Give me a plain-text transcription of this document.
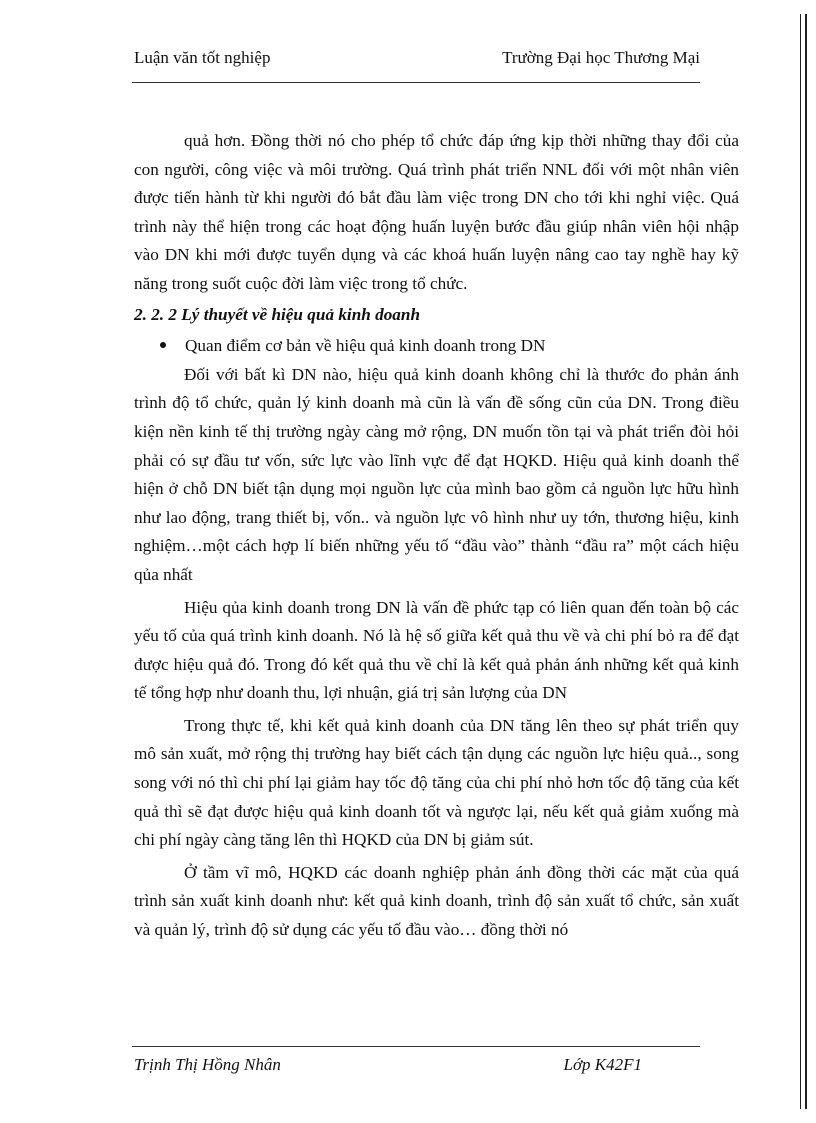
Luận văn tốt nghiệp	Trường Đại học Thương Mại

quả hơn. Đồng thời nó cho phép tổ chức đáp ứng kịp thời những thay đổi của con người, công việc và môi trường. Quá trình phát triển NNL đối với một nhân viên được tiến hành từ khi người đó bắt đầu làm việc trong DN cho tới khi nghỉ việc. Quá trình này thể hiện trong các hoạt động huấn luyện bước đầu giúp nhân viên hội nhập vào DN khi mới được tuyển dụng và các khoá huấn luyện nâng cao tay nghề hay kỹ năng trong suốt cuộc đời làm việc trong tổ chức.

2. 2. 2 Lý thuyết về hiệu quả kinh doanh
Quan điểm cơ bản về hiệu quả kinh doanh trong DN

Đối với bất kì DN nào, hiệu quả kinh doanh không chỉ là thước đo phản ánh trình độ tổ chức, quản lý kinh doanh mà cũn là vấn đề sống cũn của DN. Trong điều kiện nền kinh tế thị trường ngày càng mở rộng, DN muốn tồn tại và phát triển đòi hỏi phải có sự đầu tư vốn, sức lực vào lĩnh vực để đạt HQKD. Hiệu quả kinh doanh thể hiện ở chỗ DN biết tận dụng mọi nguồn lực của mình bao gồm cả nguồn lực hữu hình như lao động, trang thiết bị, vốn.. và nguồn lực vô hình như uy tớn, thương hiệu, kinh nghiệm…một cách hợp lí biến những yếu tố “đầu vào” thành “đầu ra” một cách hiệu qủa nhất

Hiệu qủa kinh doanh trong DN là vấn đề phức tạp có liên quan đến toàn bộ các yếu tố của quá trình kinh doanh. Nó là hệ số giữa kết quả thu về và chi phí bỏ ra để đạt được hiệu quả đó. Trong đó kết quả thu về chỉ là kết quả phản ánh những kết quả kinh tế tổng hợp như doanh thu, lợi nhuận, giá trị sản lượng của DN

Trong thực tế, khi kết quả kinh doanh của DN tăng lên theo sự phát triển quy mô sản xuất, mở rộng thị trường hay biết cách tận dụng các nguồn lực hiệu quả.., song song với nó thì chi phí lại giảm hay tốc độ tăng của chi phí nhỏ hơn tốc độ tăng của kết quả thì sẽ đạt được hiệu quả kinh doanh tốt và ngược lại, nếu kết quả giảm xuống mà chi phí ngày càng tăng lên thì HQKD của DN bị giảm sút.

Ở tầm vĩ mô, HQKD các doanh nghiệp phản ánh đồng thời các mặt của quá trình sản xuất kinh doanh như: kết quả kinh doanh, trình độ sản xuất tổ chức, sản xuất và quản lý, trình độ sử dụng các yếu tố đầu vào… đồng thời nó

Trịnh Thị Hồng Nhân	Lớp K42F1
